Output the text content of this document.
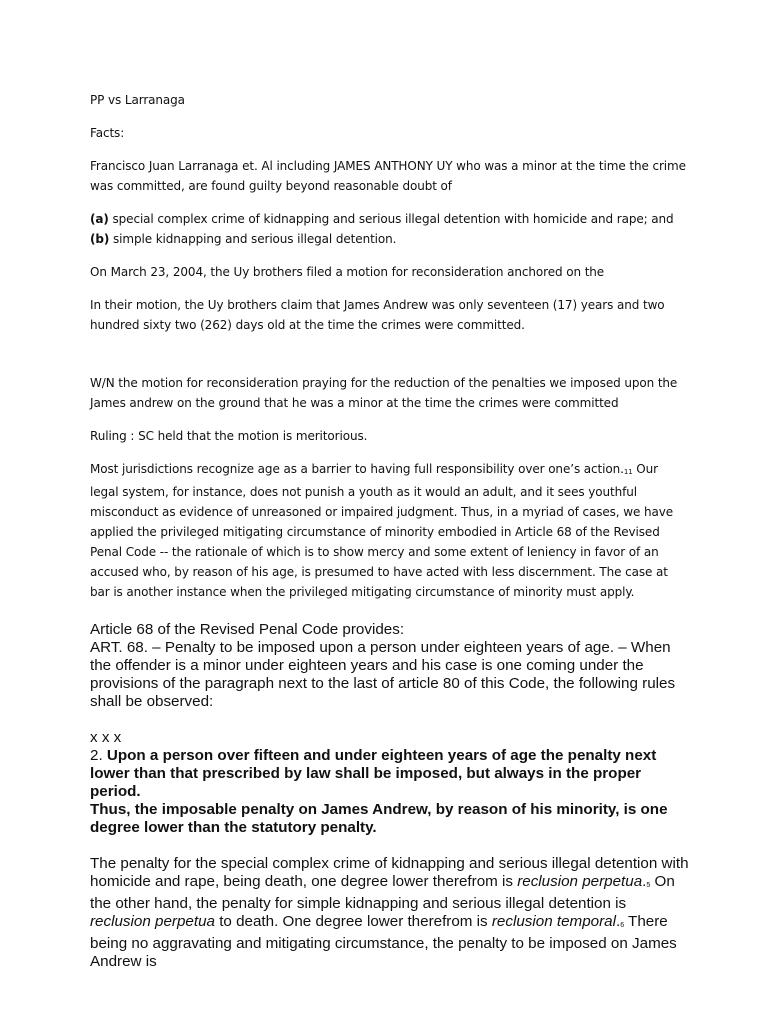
PP vs Larranaga

Facts:

Francisco Juan Larranaga et. Al including JAMES ANTHONY UY who was a minor at the time the crime was committed, are found guilty beyond reasonable doubt of

(a) special complex crime of kidnapping and serious illegal detention with homicide and rape; and

(b) simple kidnapping and serious illegal detention.

On March 23, 2004, the Uy brothers filed a motion for reconsideration anchored on the

In their motion, the Uy brothers claim that James Andrew was only seventeen (17) years and two hundred sixty two (262) days old at the time the crimes were committed.

W/N the motion for reconsideration praying for the reduction of the penalties we imposed upon the James andrew on the ground that he was a minor at the time the crimes were committed

Ruling : SC held that the motion is meritorious.

Most jurisdictions recognize age as a barrier to having full responsibility over one’s $action._{11}$ Our legal system, for instance, does not punish a youth as it would an adult, and it sees youthful misconduct as evidence of unreasoned or impaired judgment. Thus, in a myriad of cases, we have applied the privileged mitigating circumstance of minority embodied in Article 68 of the Revised Penal Code -- the rationale of which is to show mercy and some extent of leniency in favor of an accused who, by reason of his age, is presumed to have acted with less discernment. The case at bar is another instance when the privileged mitigating circumstance of minority must apply.

Article 68 of the Revised Penal Code provides:

ART. 68. – Penalty to be imposed upon a person under eighteen years of age. – When the offender is a minor under eighteen years and his case is one coming under the provisions of the paragraph next to the last of article 80 of this Code, the following rules shall be observed:

x x x

2. Upon a person over fifteen and under eighteen years of age the penalty next lower than that prescribed by law shall be imposed, but always in the proper period.

Thus, the imposable penalty on James Andrew, by reason of his minority, is one degree lower than the statutory penalty.

The penalty for the special complex crime of kidnapping and serious illegal detention with homicide and rape, being death, one degree lower therefrom is reclusion $perpetua._5$ On the other hand, the penalty for simple kidnapping and serious illegal detention is reclusion perpetua to death. One degree lower therefrom is reclusion $temporal._6$ There being no aggravating and mitigating circumstance, the penalty to be imposed on James Andrew is
